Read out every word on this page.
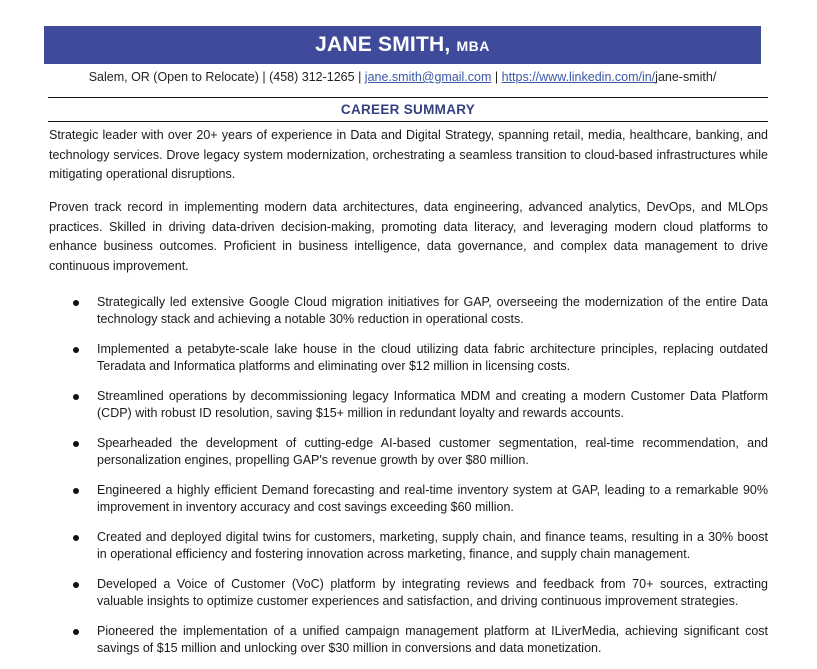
JANE SMITH, MBA
Salem, OR (Open to Relocate) | (458) 312-1265 | jane.smith@gmail.com | https://www.linkedin.com/in/jane-smith/
CAREER SUMMARY

Strategic leader with over 20+ years of experience in Data and Digital Strategy, spanning retail, media, healthcare, banking, and technology services. Drove legacy system modernization, orchestrating a seamless transition to cloud-based infrastructures while mitigating operational disruptions.

Proven track record in implementing modern data architectures, data engineering, advanced analytics, DevOps, and MLOps practices. Skilled in driving data-driven decision-making, promoting data literacy, and leveraging modern cloud platforms to enhance business outcomes. Proficient in business intelligence, data governance, and complex data management to drive continuous improvement.

Strategically led extensive Google Cloud migration initiatives for GAP, overseeing the modernization of the entire Data technology stack and achieving a notable 30% reduction in operational costs.
Implemented a petabyte-scale lake house in the cloud utilizing data fabric architecture principles, replacing outdated Teradata and Informatica platforms and eliminating over $12 million in licensing costs.
Streamlined operations by decommissioning legacy Informatica MDM and creating a modern Customer Data Platform (CDP) with robust ID resolution, saving $15+ million in redundant loyalty and rewards accounts.
Spearheaded the development of cutting-edge AI-based customer segmentation, real-time recommendation, and personalization engines, propelling GAP's revenue growth by over $80 million.
Engineered a highly efficient Demand forecasting and real-time inventory system at GAP, leading to a remarkable 90% improvement in inventory accuracy and cost savings exceeding $60 million.
Created and deployed digital twins for customers, marketing, supply chain, and finance teams, resulting in a 30% boost in operational efficiency and fostering innovation across marketing, finance, and supply chain management.
Developed a Voice of Customer (VoC) platform by integrating reviews and feedback from 70+ sources, extracting valuable insights to optimize customer experiences and satisfaction, and driving continuous improvement strategies.
Pioneered the implementation of a unified campaign management platform at ILiverMedia, achieving significant cost savings of $15 million and unlocking over $30 million in conversions and data monetization.
